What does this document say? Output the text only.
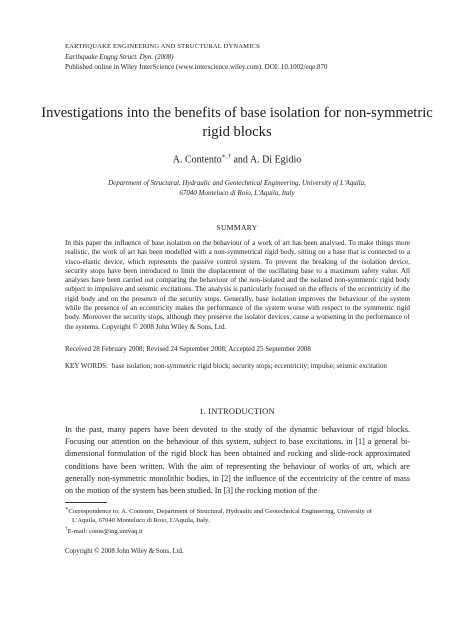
EARTHQUAKE ENGINEERING AND STRUCTURAL DYNAMICS
Earthquake Engng Struct. Dyn. (2008)
Published online in Wiley InterScience (www.interscience.wiley.com). DOI: 10.1002/eqe.870
Investigations into the benefits of base isolation for non-symmetric rigid blocks
A. Contento∗,† and A. Di Egidio
Department of Structural, Hydraulic and Geotechnical Engineering, University of L'Aquila,
67040 Monteluco di Roio, L'Aquila, Italy
SUMMARY
In this paper the influence of base isolation on the behaviour of a work of art has been analysed. To make things more realistic, the work of art has been modelled with a non-symmetrical rigid body, sitting on a base that is connected to a visco-elastic device, which represents the passive control system. To prevent the breaking of the isolation device, security stops have been introduced to limit the displacement of the oscillating base to a maximum safety value. All analyses have been carried out comparing the behaviour of the non-isolated and the isolated non-symmetric rigid body subject to impulsive and seismic excitations. The analysis is particularly focused on the effects of the eccentricity of the rigid body and on the presence of the security stops. Generally, base isolation improves the behaviour of the system while the presence of an eccentricity makes the performance of the system worse with respect to the symmetric rigid body. Moreover the security stops, although they preserve the isolator devices, cause a worsening in the performance of the systems. Copyright © 2008 John Wiley & Sons, Ltd.
Received 28 February 2008; Revised 24 September 2008; Accepted 25 September 2008
KEY WORDS: base isolation; non-symmetric rigid block; security stops; eccentricity; impulse; seismic excitation
1. INTRODUCTION
In the past, many papers have been devoted to the study of the dynamic behaviour of rigid blocks. Focusing our attention on the behaviour of this system, subject to base excitations, in [1] a general bi-dimensional formulation of the rigid block has been obtained and rocking and slide-rock approximated conditions have been written. With the aim of representing the behaviour of works of art, which are generally non-symmetric monolithic bodies, in [2] the influence of the eccentricity of the centre of mass on the motion of the system has been studied. In [3] the rocking motion of the

∗Correspondence to: A. Contento, Department of Structural, Hydraulic and Geotechnical Engineering, University of

L'Aquila, 67040 Monteluco di Roio, L'Aquila, Italy.

†E-mail: conte@ing.univaq.it

Copyright © 2008 John Wiley & Sons, Ltd.
